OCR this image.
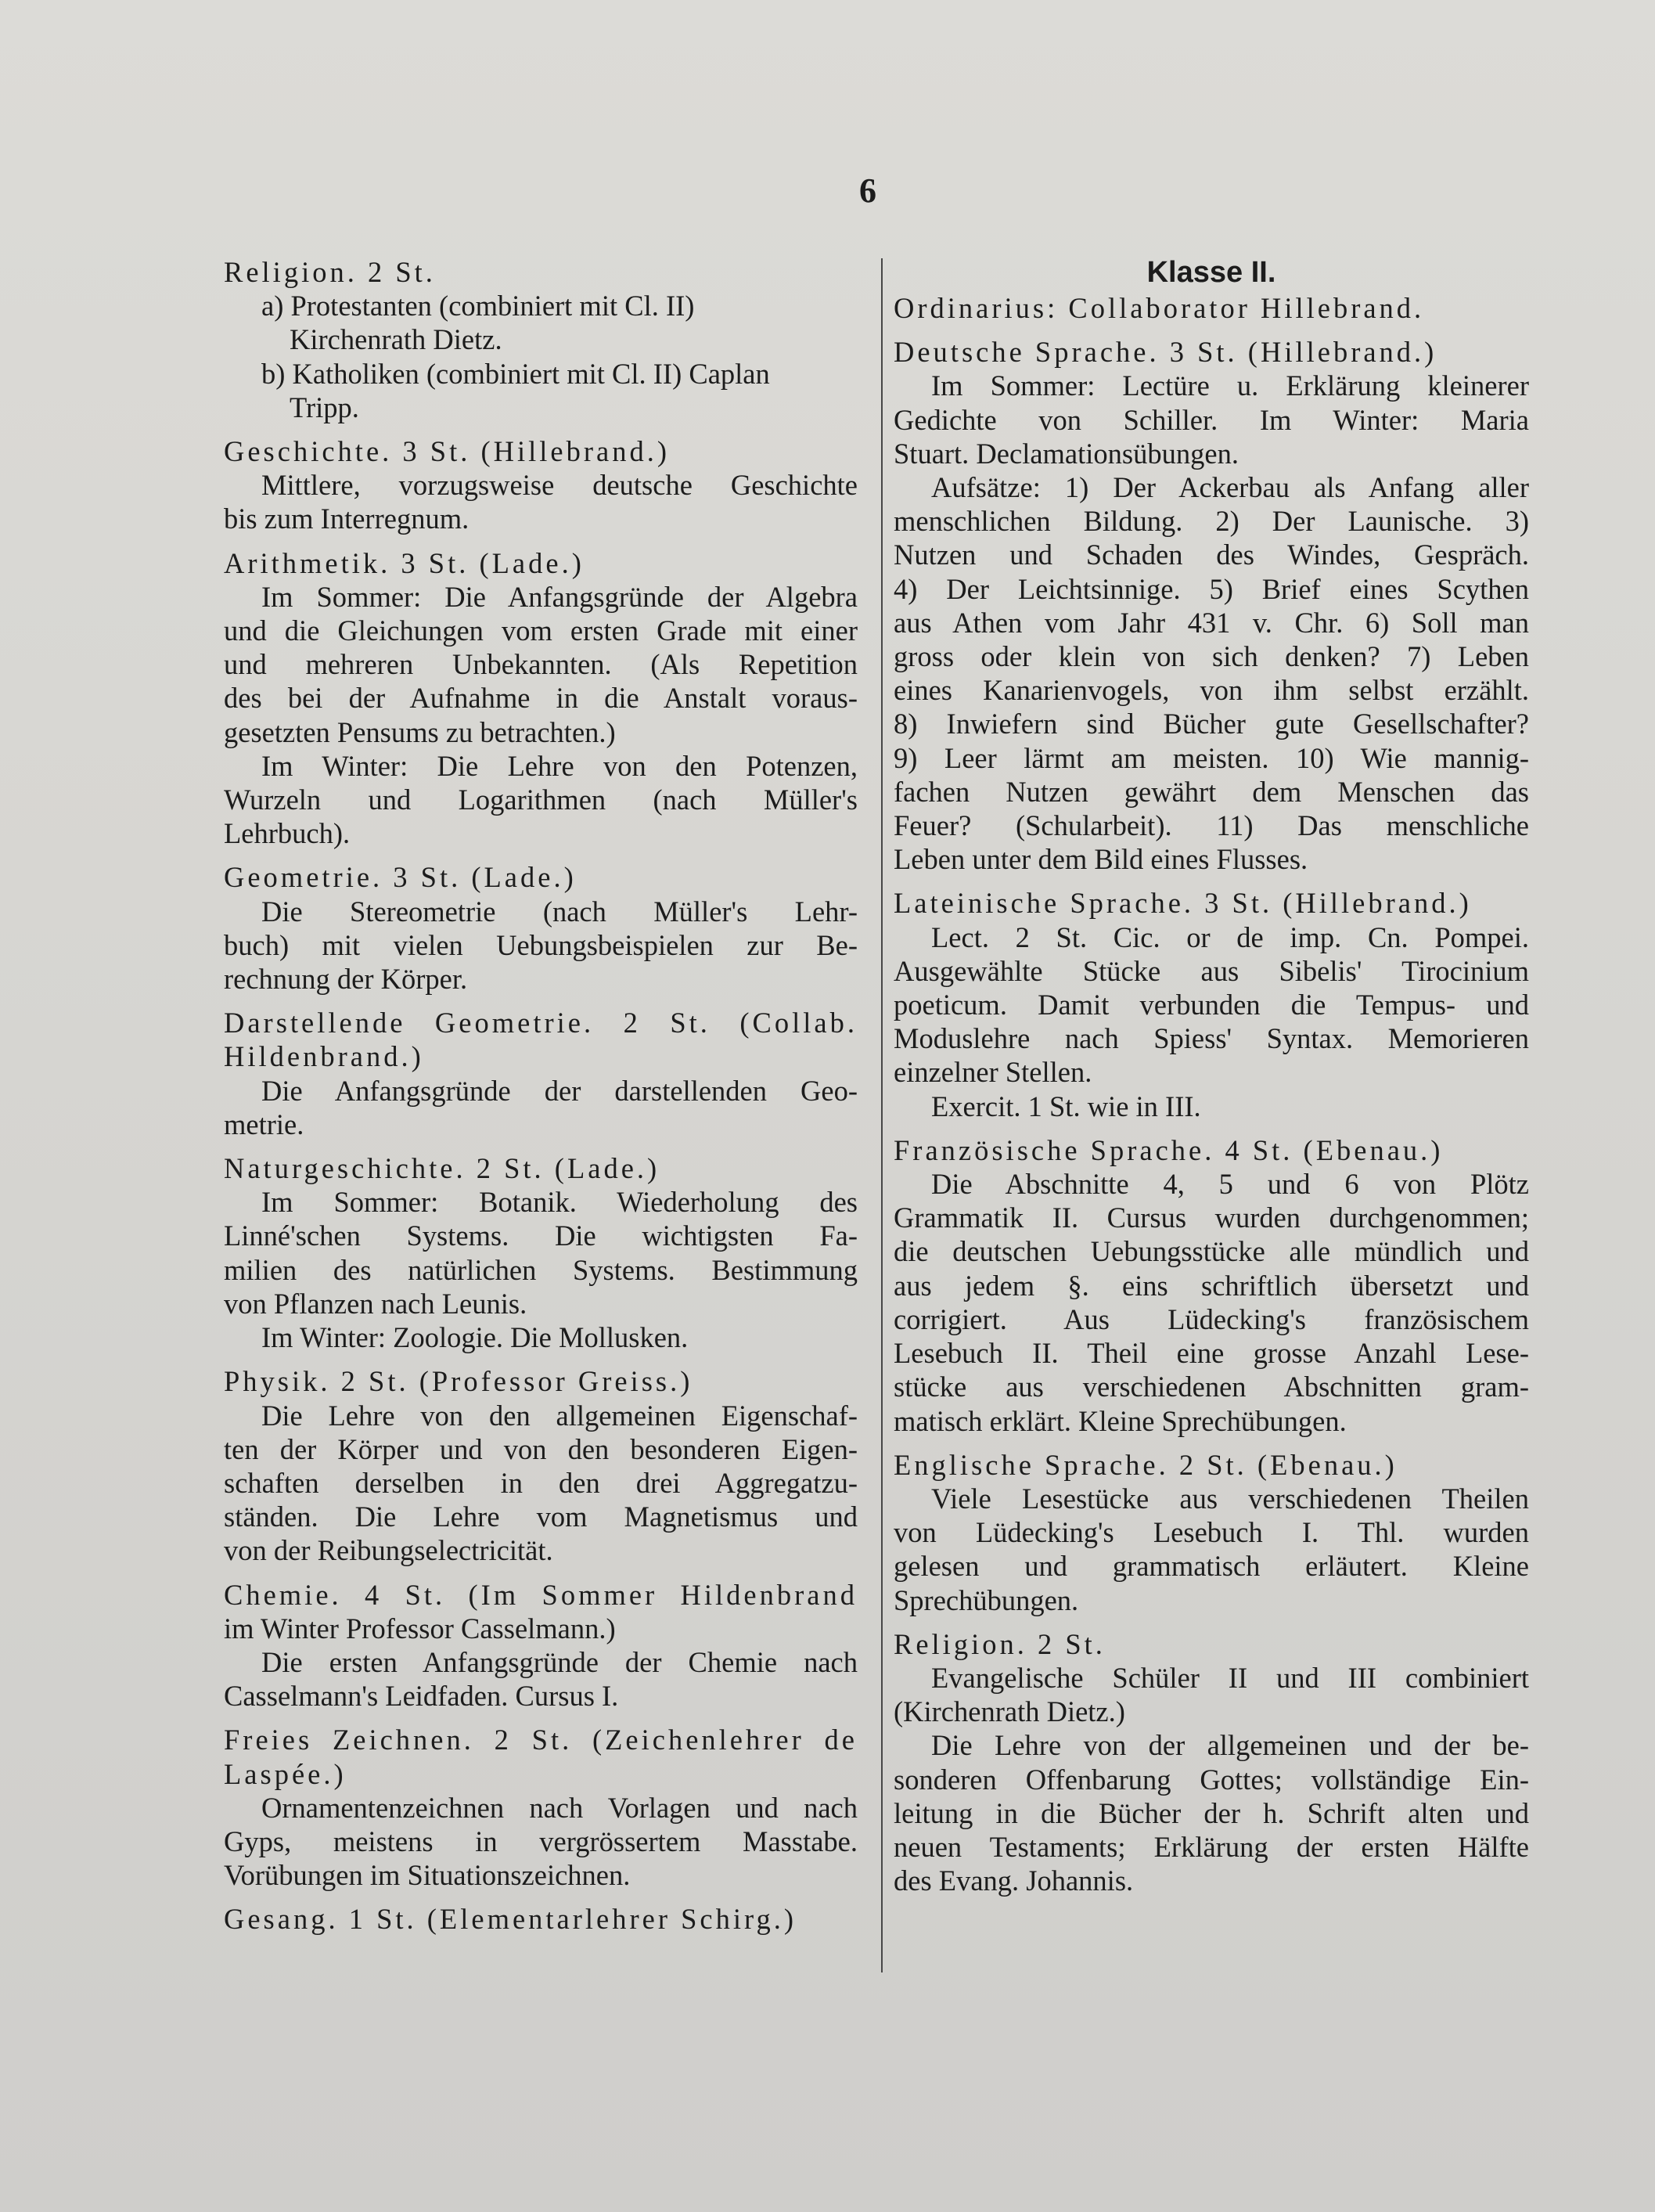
6
Religion. 2 St.
a) Protestanten (combiniert mit Cl. II)
Kirchenrath Dietz.
b) Katholiken (combiniert mit Cl. II) Caplan
Tripp.
Geschichte. 3 St. (Hillebrand.)
Mittlere, vorzugsweise deutsche Geschichte
bis zum Interregnum.
Arithmetik. 3 St. (Lade.)
Im Sommer: Die Anfangsgründe der Algebra
und die Gleichungen vom ersten Grade mit einer
und mehreren Unbekannten. (Als Repetition
des bei der Aufnahme in die Anstalt voraus-
gesetzten Pensums zu betrachten.)
Im Winter: Die Lehre von den Potenzen,
Wurzeln und Logarithmen (nach Müller's
Lehrbuch).
Geometrie. 3 St. (Lade.)
Die Stereometrie (nach Müller's Lehr-
buch) mit vielen Uebungsbeispielen zur Be-
rechnung der Körper.
Darstellende Geometrie. 2 St. (Collab.
Hildenbrand.)
Die Anfangsgründe der darstellenden Geo-
metrie.
Naturgeschichte. 2 St. (Lade.)
Im Sommer: Botanik. Wiederholung des
Linné'schen Systems. Die wichtigsten Fa-
milien des natürlichen Systems. Bestimmung
von Pflanzen nach Leunis.
Im Winter: Zoologie. Die Mollusken.
Physik. 2 St. (Professor Greiss.)
Die Lehre von den allgemeinen Eigenschaf-
ten der Körper und von den besonderen Eigen-
schaften derselben in den drei Aggregatzu-
ständen. Die Lehre vom Magnetismus und
von der Reibungselectricität.
Chemie. 4 St. (Im Sommer Hildenbrand
im Winter Professor Casselmann.)
Die ersten Anfangsgründe der Chemie nach
Casselmann's Leidfaden. Cursus I.
Freies Zeichnen. 2 St. (Zeichenlehrer de
Laspée.)
Ornamentenzeichnen nach Vorlagen und nach
Gyps, meistens in vergrössertem Masstabe.
Vorübungen im Situationszeichnen.
Gesang. 1 St. (Elementarlehrer Schirg.)
Klasse II.
Ordinarius: Collaborator Hillebrand.
Deutsche Sprache. 3 St. (Hillebrand.)
Im Sommer: Lectüre u. Erklärung kleinerer
Gedichte von Schiller. Im Winter: Maria
Stuart. Declamationsübungen.
Aufsätze: 1) Der Ackerbau als Anfang aller
menschlichen Bildung. 2) Der Launische. 3)
Nutzen und Schaden des Windes, Gespräch.
4) Der Leichtsinnige. 5) Brief eines Scythen
aus Athen vom Jahr 431 v. Chr. 6) Soll man
gross oder klein von sich denken? 7) Leben
eines Kanarienvogels, von ihm selbst erzählt.
8) Inwiefern sind Bücher gute Gesellschafter?
9) Leer lärmt am meisten. 10) Wie mannig-
fachen Nutzen gewährt dem Menschen das
Feuer? (Schularbeit). 11) Das menschliche
Leben unter dem Bild eines Flusses.
Lateinische Sprache. 3 St. (Hillebrand.)
Lect. 2 St. Cic. or de imp. Cn. Pompei.
Ausgewählte Stücke aus Sibelis' Tirocinium
poeticum. Damit verbunden die Tempus- und
Moduslehre nach Spiess' Syntax. Memorieren
einzelner Stellen.
Exercit. 1 St. wie in III.
Französische Sprache. 4 St. (Ebenau.)
Die Abschnitte 4, 5 und 6 von Plötz
Grammatik II. Cursus wurden durchgenommen;
die deutschen Uebungsstücke alle mündlich und
aus jedem §. eins schriftlich übersetzt und
corrigiert. Aus Lüdecking's französischem
Lesebuch II. Theil eine grosse Anzahl Lese-
stücke aus verschiedenen Abschnitten gram-
matisch erklärt. Kleine Sprechübungen.
Englische Sprache. 2 St. (Ebenau.)
Viele Lesestücke aus verschiedenen Theilen
von Lüdecking's Lesebuch I. Thl. wurden
gelesen und grammatisch erläutert. Kleine
Sprechübungen.
Religion. 2 St.
Evangelische Schüler II und III combiniert
(Kirchenrath Dietz.)
Die Lehre von der allgemeinen und der be-
sonderen Offenbarung Gottes; vollständige Ein-
leitung in die Bücher der h. Schrift alten und
neuen Testaments; Erklärung der ersten Hälfte
des Evang. Johannis.
